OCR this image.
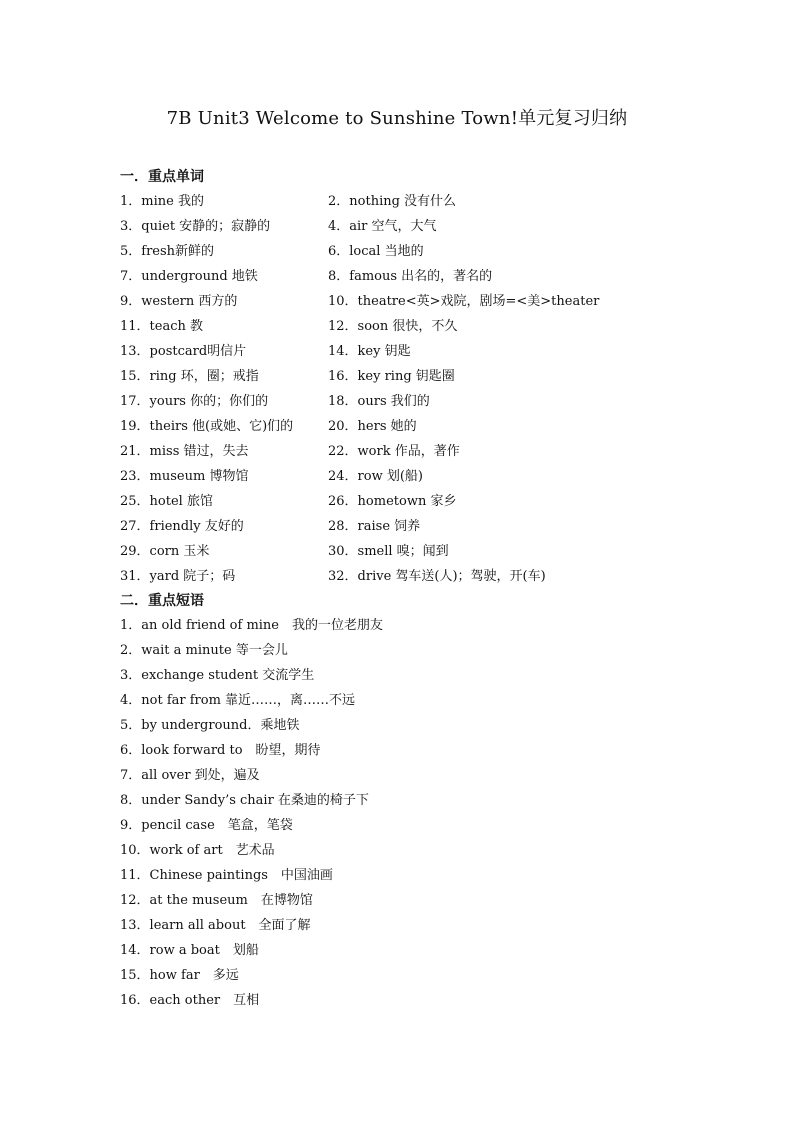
7B Unit3 Welcome to Sunshine Town!单元复习归纳
一．重点单词
1．mine 我的	2．nothing 没有什么
3．quiet 安静的；寂静的	4．air 空气，大气
5．fresh新鲜的	6．local 当地的
7．underground 地铁	8．famous 出名的，著名的
9．western 西方的	10．theatre<英>戏院，剧场=<美>theater
11．teach 教	12．soon 很快，不久
13．postcard明信片	14．key 钥匙
15．ring 环，圈；戒指	16．key ring 钥匙圈
17．yours 你的；你们的	18．ours 我们的
19．theirs 他(或她、它)们的	20．hers 她的
21．miss 错过，失去	22．work 作品，著作
23．museum 博物馆	24．row 划(船)
25．hotel 旅馆	26．hometown 家乡
27．friendly 友好的	28．raise 饲养
29．corn 玉米	30．smell 嗅；闻到
31．yard 院子；码	32．drive 驾车送(人)；驾驶，开(车)
二．重点短语
1．an old friend of mine　我的一位老朋友
2．wait a minute 等一会儿
3．exchange student 交流学生
4．not far from 靠近……，离……不远
5．by underground．乘地铁
6．look forward to　盼望，期待
7．all over 到处，遍及
8．under Sandy’s chair 在桑迪的椅子下
9．pencil case　笔盒，笔袋
10．work of art　艺术品
11．Chinese paintings　中国油画
12．at the museum　在博物馆
13．learn all about　全面了解
14．row a boat　划船
15．how far　多远
16．each other　互相
